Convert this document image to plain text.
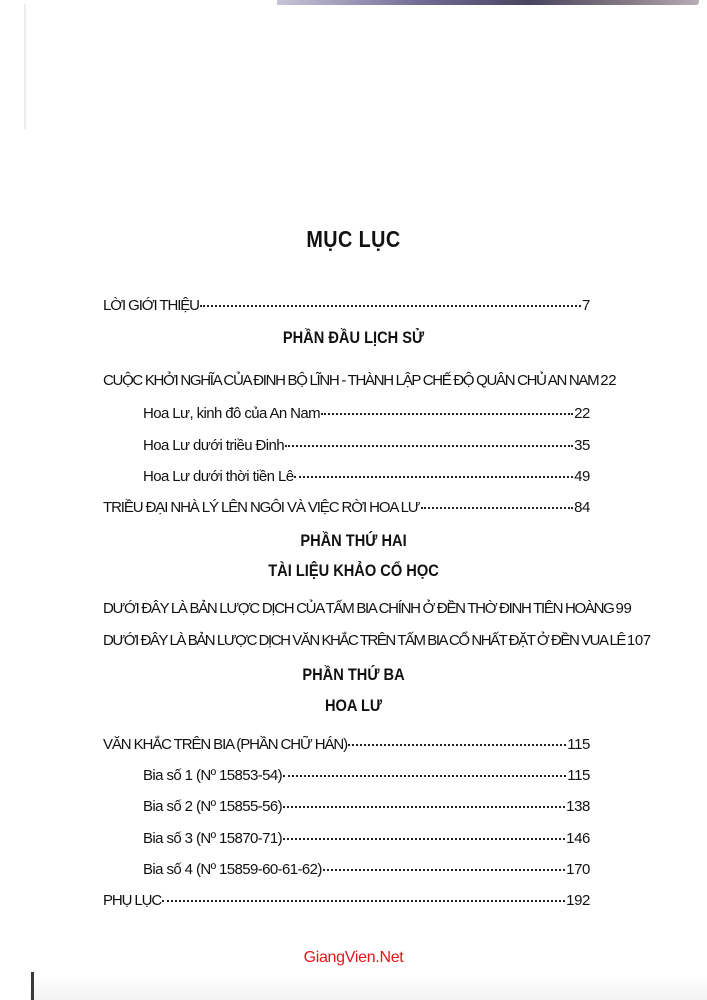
MỤC LỤC
LỜI GIỚI THIỆU	7
PHẦN ĐẦU LỊCH SỬ
CUỘC KHỞI NGHĨA CỦA ĐINH BỘ LĨNH - THÀNH LẬP CHẾ ĐỘ QUÂN CHỦ AN NAM 22
Hoa Lư, kinh đô của An Nam	22
Hoa Lư dưới triều Đinh	35
Hoa Lư dưới thời tiền Lê	49
TRIỀU ĐẠI NHÀ LÝ LÊN NGÔI VÀ VIỆC RỜI HOA LƯ	84
PHẦN THỨ HAI
TÀI LIỆU KHẢO CỔ HỌC
DƯỚI ĐÂY LÀ BẢN LƯỢC DỊCH CỦA TẤM BIA CHÍNH Ở ĐỀN THỜ ĐINH TIÊN HOÀNG 99
DƯỚI ĐÂY LÀ BẢN LƯỢC DỊCH VĂN KHẮC TRÊN TẤM BIA CỔ NHẤT ĐẶT Ở ĐỀN VUA LÊ 107
PHẦN THỨ BA
HOA LƯ
VĂN KHẮC TRÊN BIA (PHẦN CHỮ HÁN)	115
Bia số 1 (Nº 15853-54)	115
Bia số 2 (Nº 15855-56)	138
Bia số 3 (Nº 15870-71)	146
Bia số 4 (Nº 15859-60-61-62)	170
PHỤ LỤC	192
GiangVien.Net
